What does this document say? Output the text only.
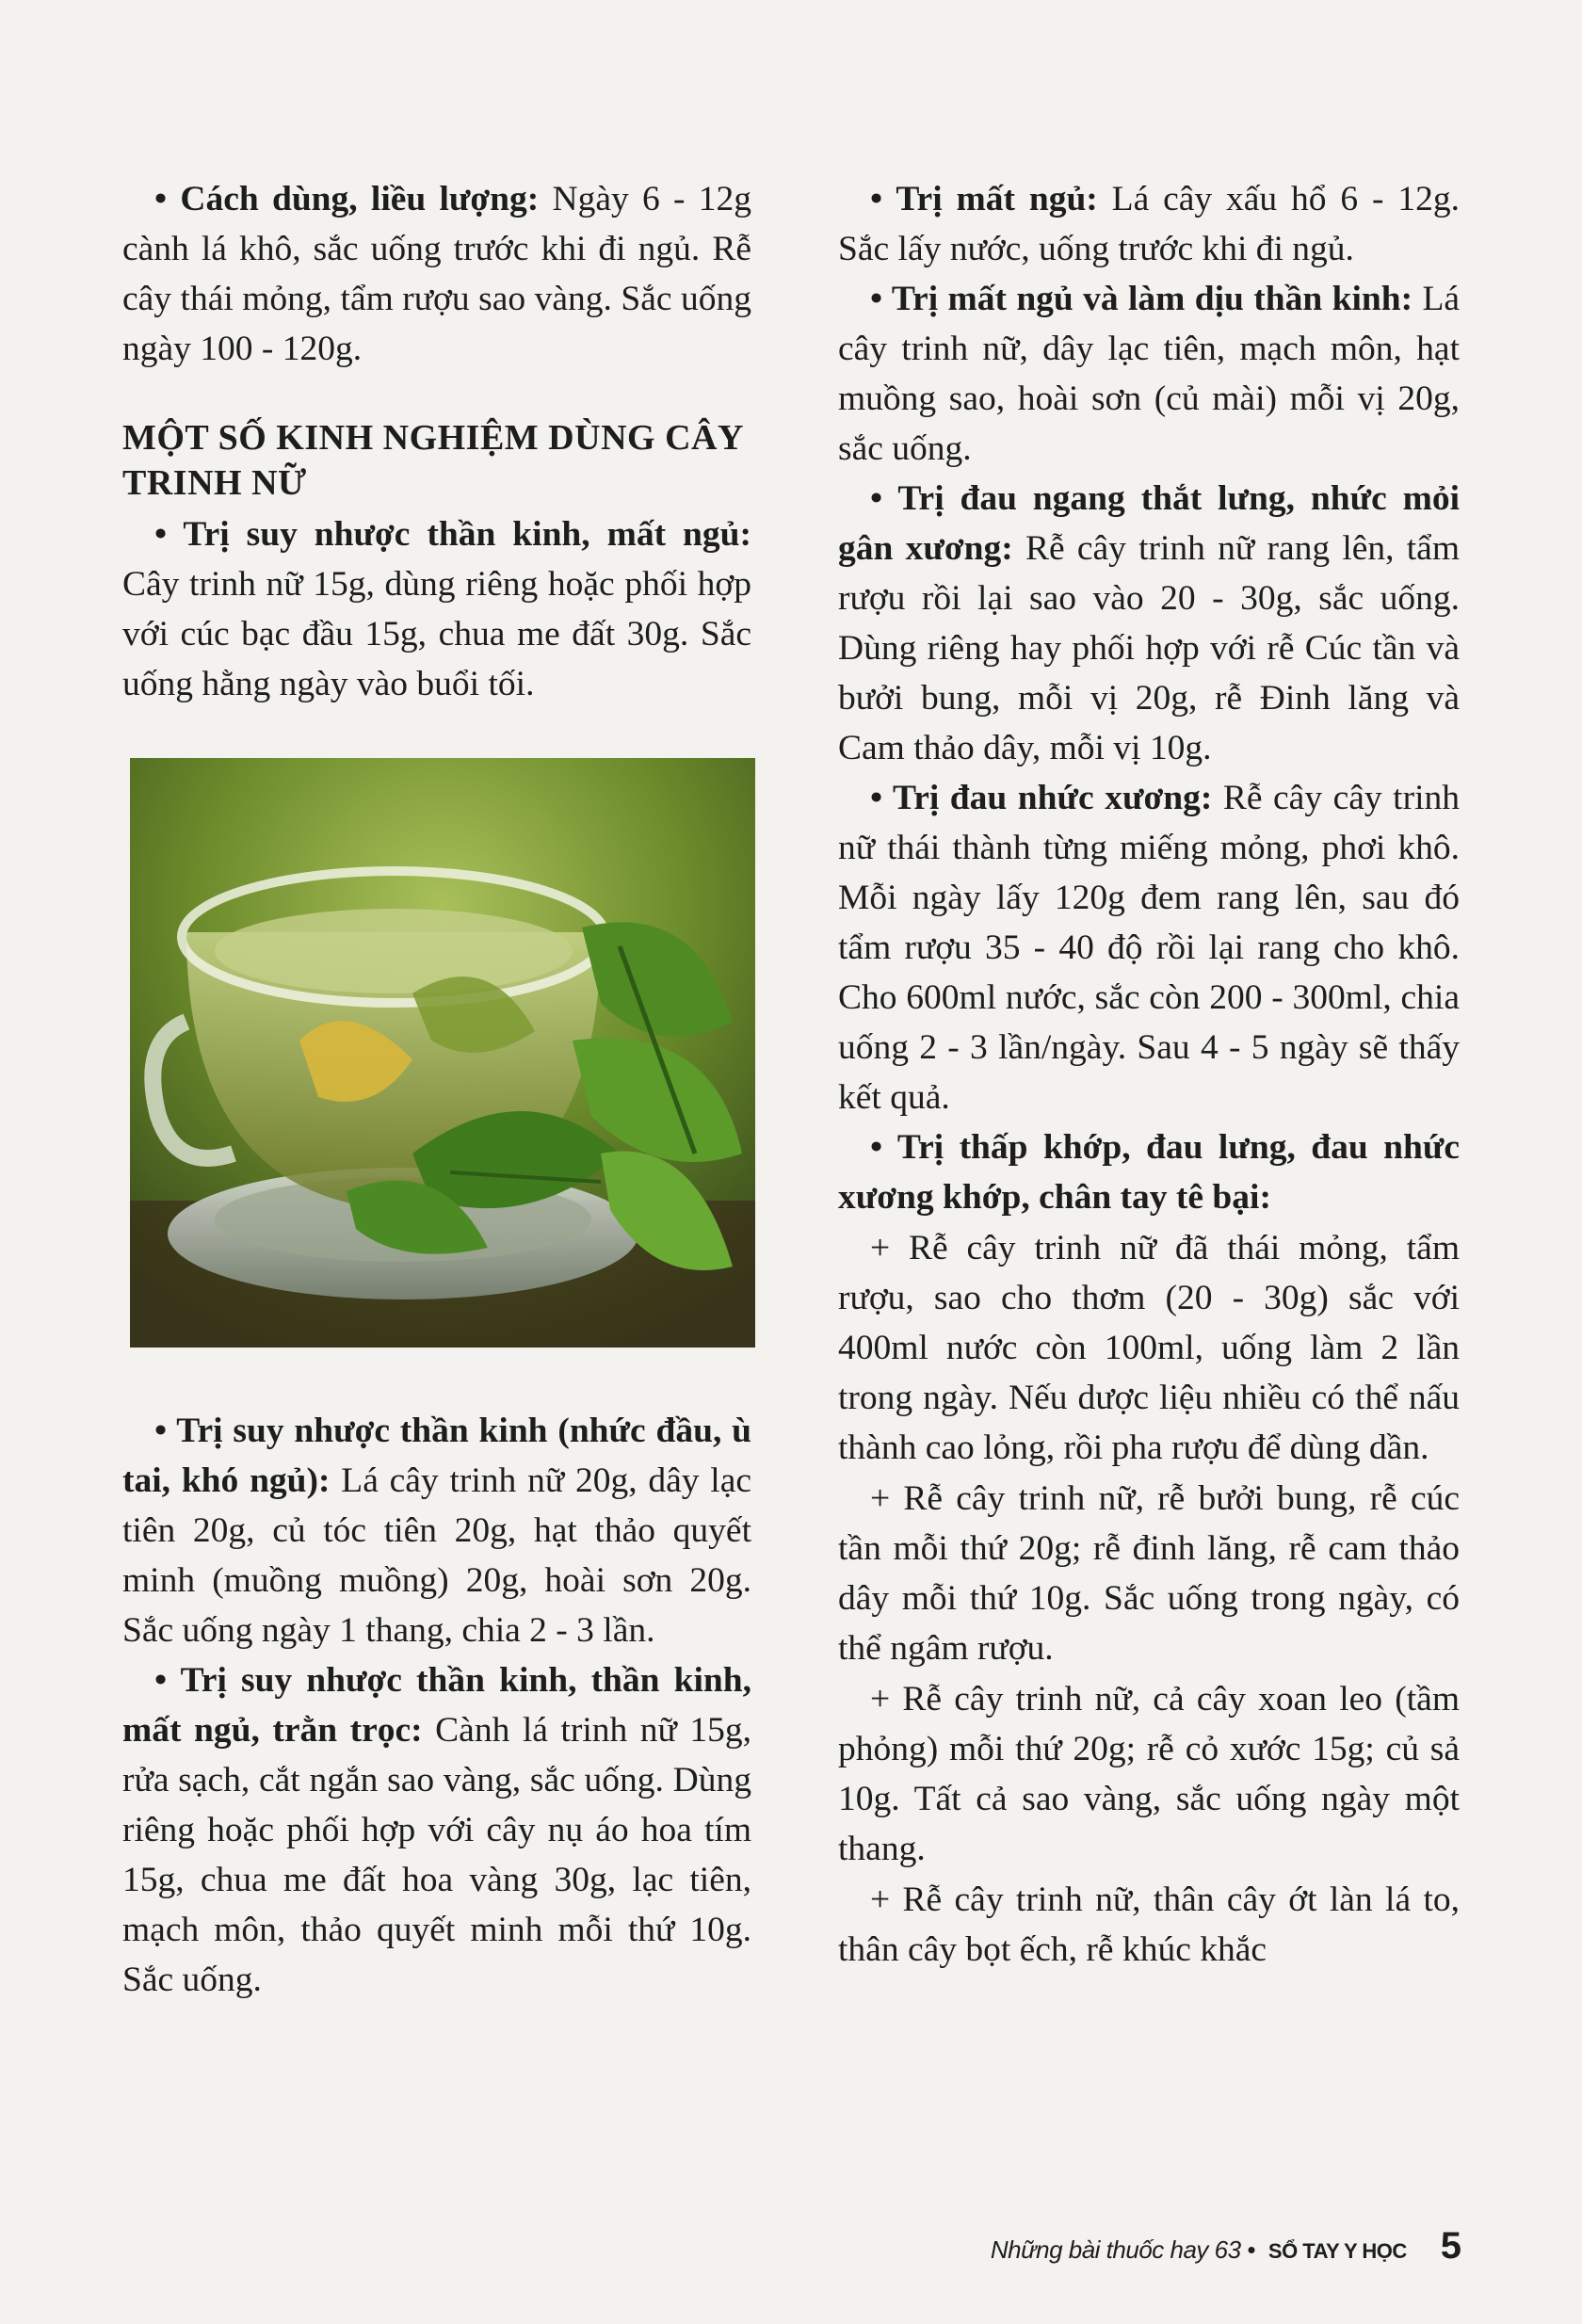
• Cách dùng, liều lượng: Ngày 6 - 12g cành lá khô, sắc uống trước khi đi ngủ. Rễ cây thái mỏng, tẩm rượu sao vàng. Sắc uống ngày 100 - 120g.

MỘT SỐ KINH NGHIỆM DÙNG CÂY TRINH NỮ

• Trị suy nhược thần kinh, mất ngủ: Cây trinh nữ 15g, dùng riêng hoặc phối hợp với cúc bạc đầu 15g, chua me đất 30g. Sắc uống hằng ngày vào buổi tối.

• Trị suy nhược thần kinh (nhức đầu, ù tai, khó ngủ): Lá cây trinh nữ 20g, dây lạc tiên 20g, củ tóc tiên 20g, hạt thảo quyết minh (muồng muồng) 20g, hoài sơn 20g. Sắc uống ngày 1 thang, chia 2 - 3 lần.

• Trị suy nhược thần kinh, thần kinh, mất ngủ, trằn trọc: Cành lá trinh nữ 15g, rửa sạch, cắt ngắn sao vàng, sắc uống. Dùng riêng hoặc phối hợp với cây nụ áo hoa tím 15g, chua me đất hoa vàng 30g, lạc tiên, mạch môn, thảo quyết minh mỗi thứ 10g. Sắc uống.

• Trị mất ngủ: Lá cây xấu hổ 6 - 12g. Sắc lấy nước, uống trước khi đi ngủ.

• Trị mất ngủ và làm dịu thần kinh: Lá cây trinh nữ, dây lạc tiên, mạch môn, hạt muồng sao, hoài sơn (củ mài) mỗi vị 20g, sắc uống.

• Trị đau ngang thắt lưng, nhức mỏi gân xương: Rễ cây trinh nữ rang lên, tẩm rượu rồi lại sao vào 20 - 30g, sắc uống. Dùng riêng hay phối hợp với rễ Cúc tần và bưởi bung, mỗi vị 20g, rễ Đinh lăng và Cam thảo dây, mỗi vị 10g.

• Trị đau nhức xương: Rễ cây cây trinh nữ thái thành từng miếng mỏng, phơi khô. Mỗi ngày lấy 120g đem rang lên, sau đó tẩm rượu 35 - 40 độ rồi lại rang cho khô. Cho 600ml nước, sắc còn 200 - 300ml, chia uống 2 - 3 lần/ngày. Sau 4 - 5 ngày sẽ thấy kết quả.

• Trị thấp khớp, đau lưng, đau nhức xương khớp, chân tay tê bại:

+ Rễ cây trinh nữ đã thái mỏng, tẩm rượu, sao cho thơm (20 - 30g) sắc với 400ml nước còn 100ml, uống làm 2 lần trong ngày. Nếu dược liệu nhiều có thể nấu thành cao lỏng, rồi pha rượu để dùng dần.

+ Rễ cây trinh nữ, rễ bưởi bung, rễ cúc tần mỗi thứ 20g; rễ đinh lăng, rễ cam thảo dây mỗi thứ 10g. Sắc uống trong ngày, có thể ngâm rượu.

+ Rễ cây trinh nữ, cả cây xoan leo (tầm phỏng) mỗi thứ 20g; rễ cỏ xước 15g; củ sả 10g. Tất cả sao vàng, sắc uống ngày một thang.

+ Rễ cây trinh nữ, thân cây ớt làn lá to, thân cây bọt ếch, rễ khúc khắc

Những bài thuốc hay 63 • SỔ TAY Y HỌC 5
